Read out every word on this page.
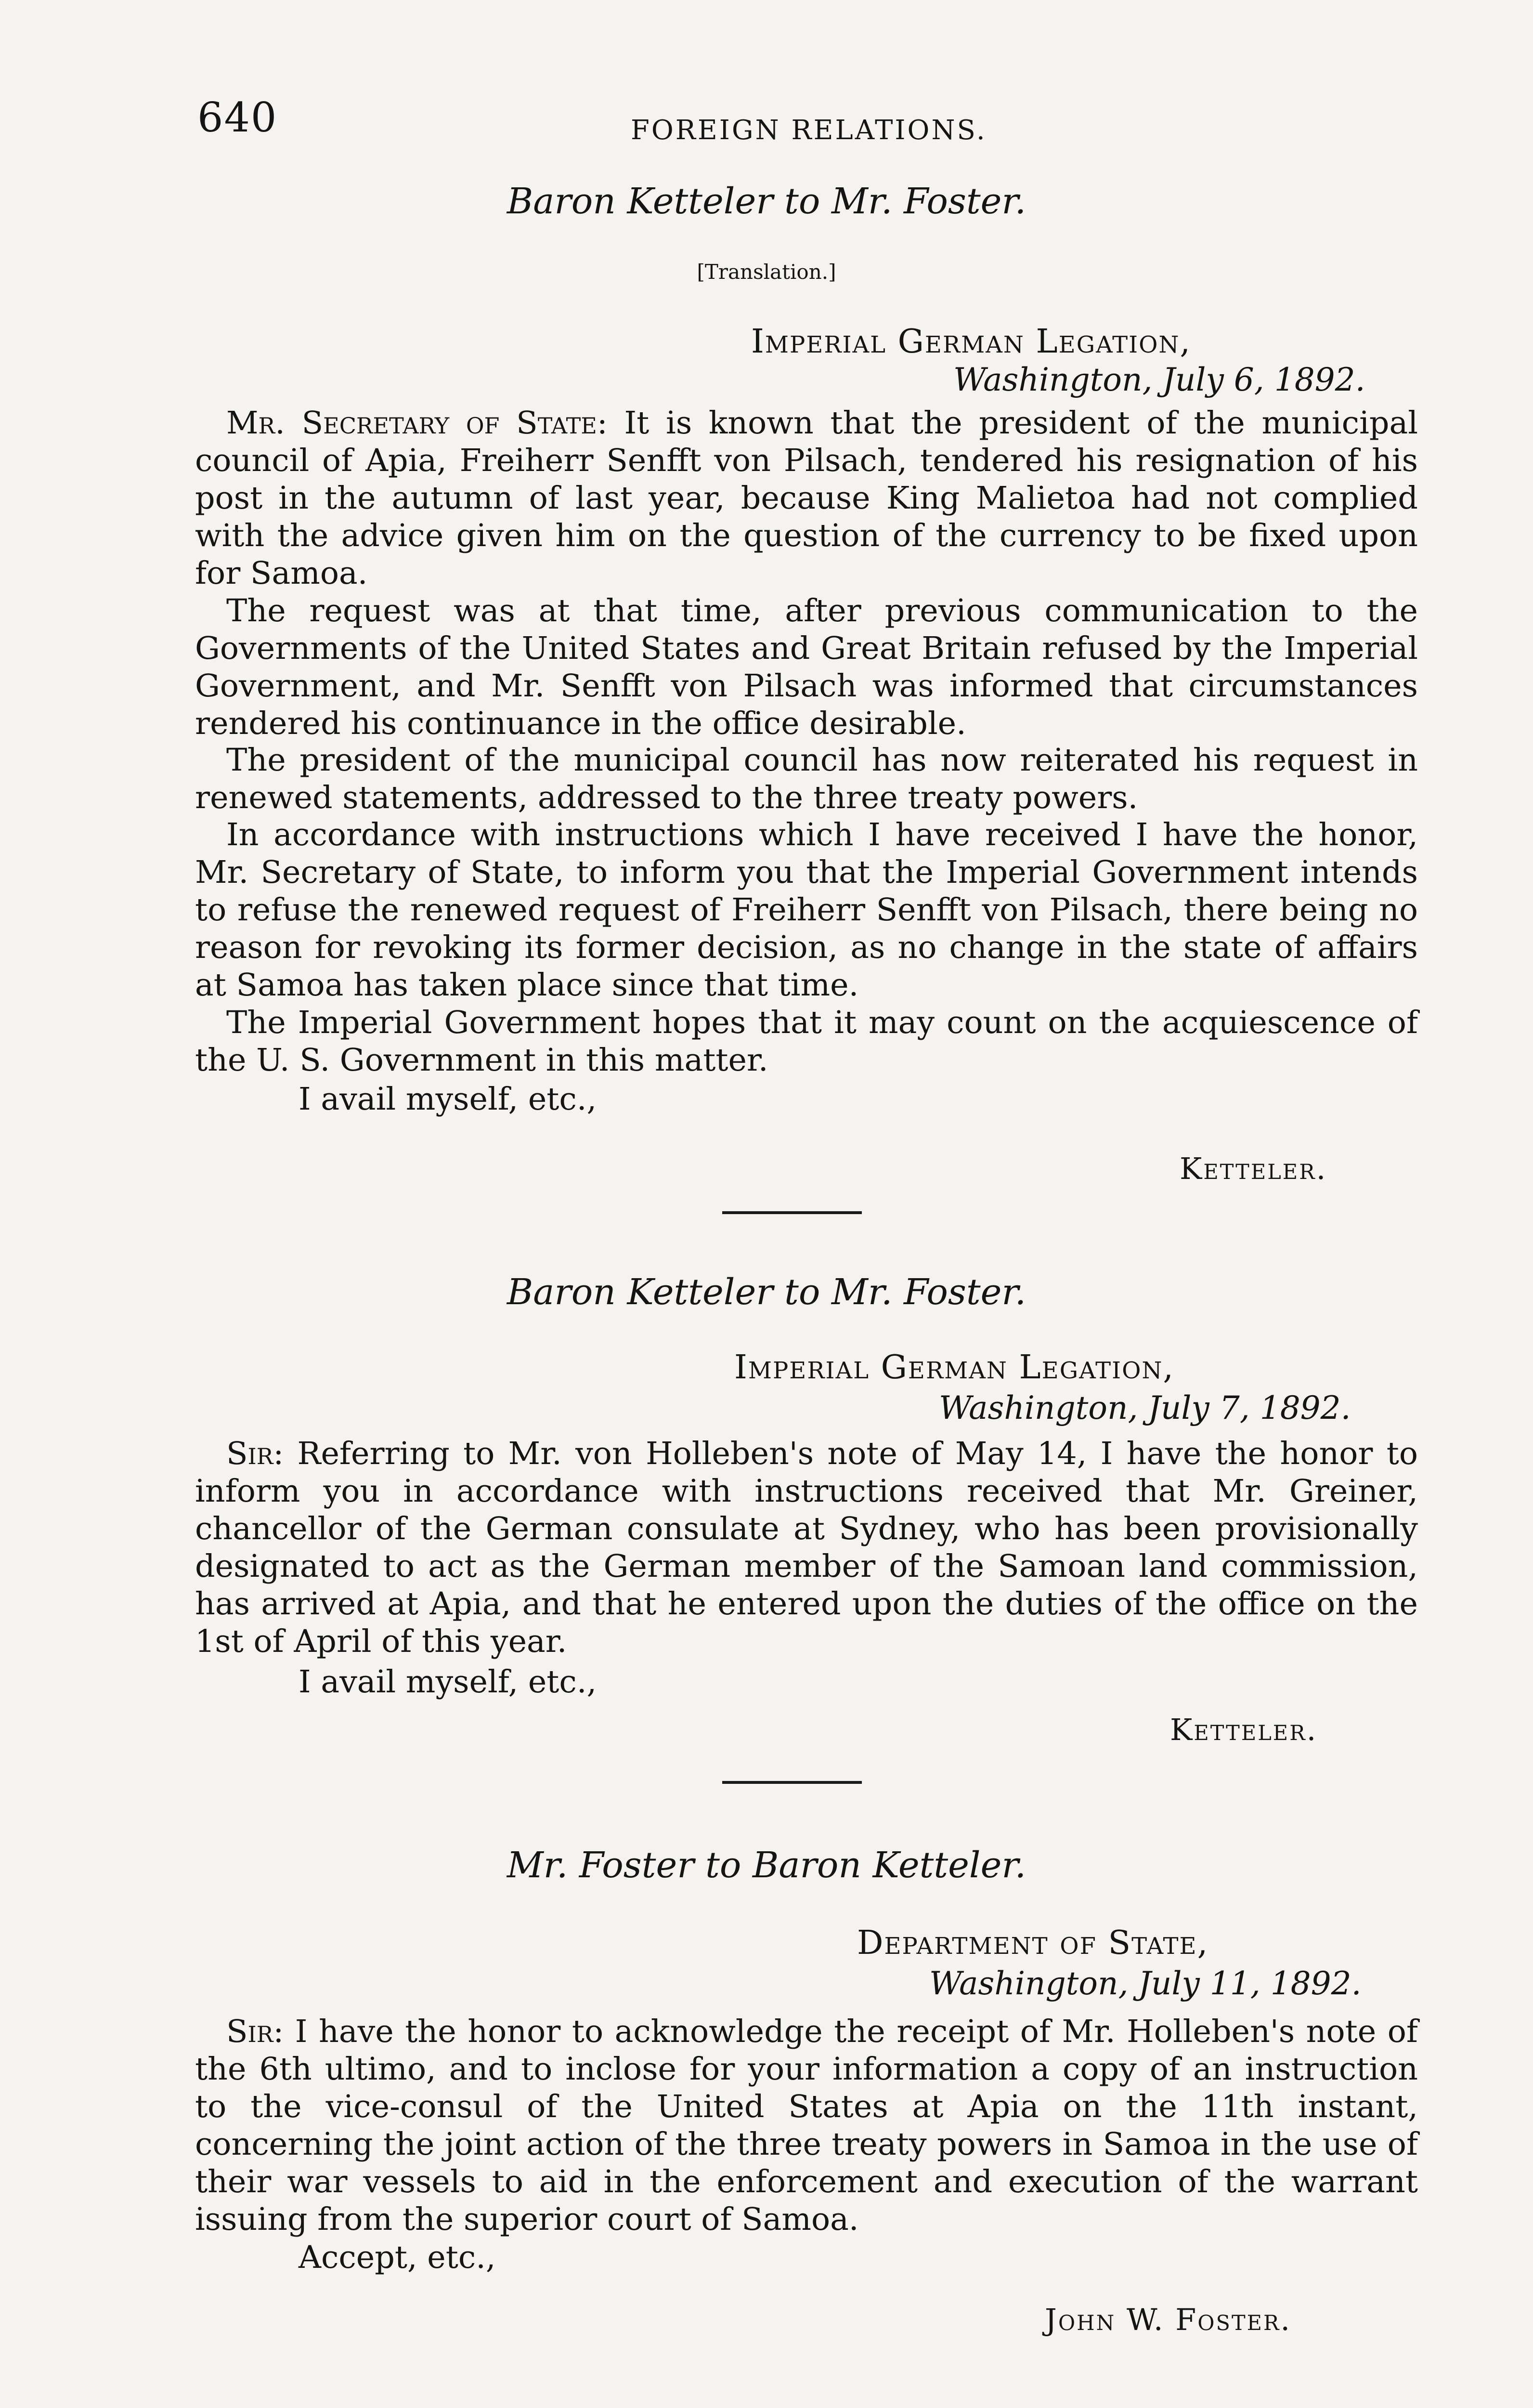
640	FOREIGN RELATIONS.
Baron Ketteler to Mr. Foster.
[Translation.]
Imperial German Legation,
Washington, July 6, 1892.
Mr. Secretary of State: It is known that the president of the municipal council of Apia, Freiherr Senfft von Pilsach, tendered his resignation of his post in the autumn of last year, because King Malietoa had not complied with the advice given him on the question of the currency to be fixed upon for Samoa.
The request was at that time, after previous communication to the Governments of the United States and Great Britain refused by the Imperial Government, and Mr. Senfft von Pilsach was informed that circumstances rendered his continuance in the office desirable.
The president of the municipal council has now reiterated his request in renewed statements, addressed to the three treaty powers.
In accordance with instructions which I have received I have the honor, Mr. Secretary of State, to inform you that the Imperial Government intends to refuse the renewed request of Freiherr Senfft von Pilsach, there being no reason for revoking its former decision, as no change in the state of affairs at Samoa has taken place since that time.
The Imperial Government hopes that it may count on the acquiescence of the U. S. Government in this matter.
I avail myself, etc.,
Ketteler.
Baron Ketteler to Mr. Foster.
Imperial German Legation,
Washington, July 7, 1892.
Sir: Referring to Mr. von Holleben's note of May 14, I have the honor to inform you in accordance with instructions received that Mr. Greiner, chancellor of the German consulate at Sydney, who has been provisionally designated to act as the German member of the Samoan land commission, has arrived at Apia, and that he entered upon the duties of the office on the 1st of April of this year.
I avail myself, etc.,
Ketteler.
Mr. Foster to Baron Ketteler.
Department of State,
Washington, July 11, 1892.
Sir: I have the honor to acknowledge the receipt of Mr. Holleben's note of the 6th ultimo, and to inclose for your information a copy of an instruction to the vice-consul of the United States at Apia on the 11th instant, concerning the joint action of the three treaty powers in Samoa in the use of their war vessels to aid in the enforcement and execution of the warrant issuing from the superior court of Samoa.
Accept, etc.,
John W. Foster.
